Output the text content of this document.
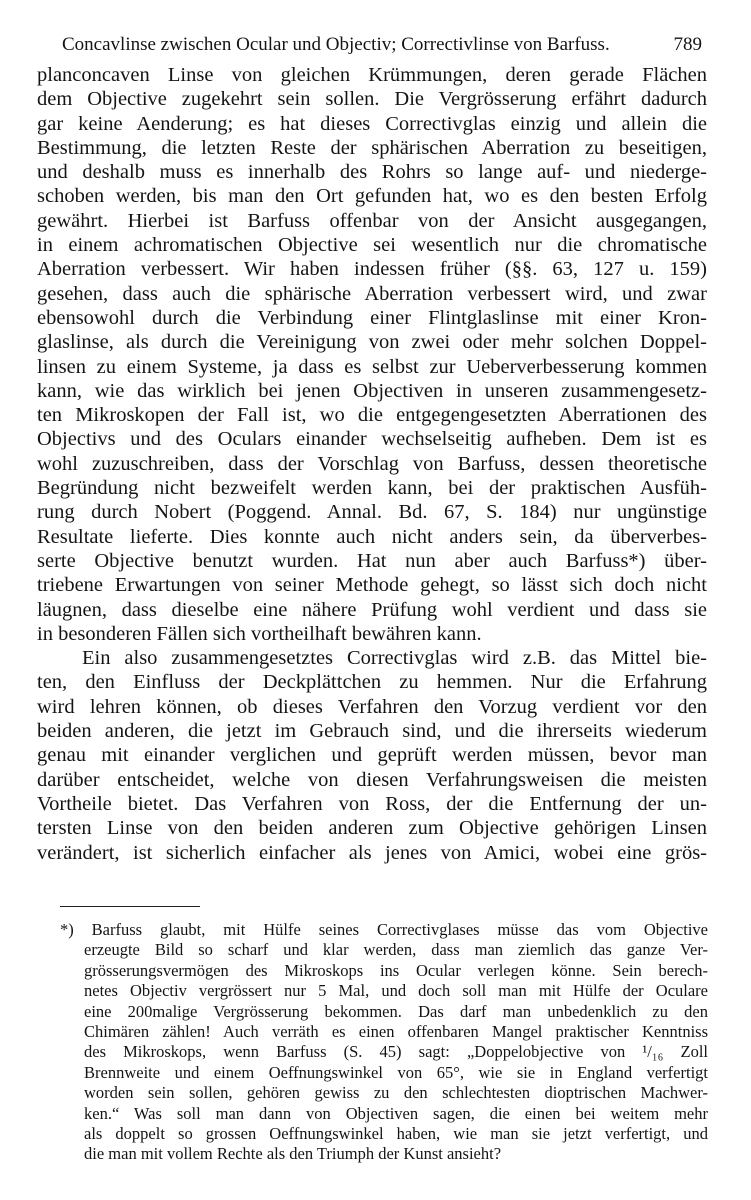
Concavlinse zwischen Ocular und Objectiv; Correctivlinse von Barfuss.	789
planconcaven Linse von gleichen Krümmungen, deren gerade Flächen
dem Objective zugekehrt sein sollen. Die Vergrösserung erfährt dadurch
gar keine Aenderung; es hat dieses Correctivglas einzig und allein die
Bestimmung, die letzten Reste der sphärischen Aberration zu beseitigen,
und deshalb muss es innerhalb des Rohrs so lange auf- und niederge-
schoben werden, bis man den Ort gefunden hat, wo es den besten Erfolg
gewährt. Hierbei ist Barfuss offenbar von der Ansicht ausgegangen,
in einem achromatischen Objective sei wesentlich nur die chromatische
Aberration verbessert. Wir haben indessen früher (§§. 63, 127 u. 159)
gesehen, dass auch die sphärische Aberration verbessert wird, und zwar
ebensowohl durch die Verbindung einer Flintglaslinse mit einer Kron-
glaslinse, als durch die Vereinigung von zwei oder mehr solchen Doppel-
linsen zu einem Systeme, ja dass es selbst zur Ueberverbesserung kommen
kann, wie das wirklich bei jenen Objectiven in unseren zusammengesetz-
ten Mikroskopen der Fall ist, wo die entgegengesetzten Aberrationen des
Objectivs und des Oculars einander wechselseitig aufheben. Dem ist es
wohl zuzuschreiben, dass der Vorschlag von Barfuss, dessen theoretische
Begründung nicht bezweifelt werden kann, bei der praktischen Ausfüh-
rung durch Nobert (Poggend. Annal. Bd. 67, S. 184) nur ungünstige
Resultate lieferte. Dies konnte auch nicht anders sein, da überverbes-
serte Objective benutzt wurden. Hat nun aber auch Barfuss*) über-
triebene Erwartungen von seiner Methode gehegt, so lässt sich doch nicht
läugnen, dass dieselbe eine nähere Prüfung wohl verdient und dass sie
in besonderen Fällen sich vortheilhaft bewähren kann.
Ein also zusammengesetztes Correctivglas wird z.B. das Mittel bie-
ten, den Einfluss der Deckplättchen zu hemmen. Nur die Erfahrung
wird lehren können, ob dieses Verfahren den Vorzug verdient vor den
beiden anderen, die jetzt im Gebrauch sind, und die ihrerseits wiederum
genau mit einander verglichen und geprüft werden müssen, bevor man
darüber entscheidet, welche von diesen Verfahrungsweisen die meisten
Vortheile bietet. Das Verfahren von Ross, der die Entfernung der un-
tersten Linse von den beiden anderen zum Objective gehörigen Linsen
verändert, ist sicherlich einfacher als jenes von Amici, wobei eine grös-
*) Barfuss glaubt, mit Hülfe seines Correctivglases müsse das vom Objective
erzeugte Bild so scharf und klar werden, dass man ziemlich das ganze Ver-
grösserungsvermögen des Mikroskops ins Ocular verlegen könne. Sein berech-
netes Objectiv vergrössert nur 5 Mal, und doch soll man mit Hülfe der Oculare
eine 200malige Vergrösserung bekommen. Das darf man unbedenklich zu den
Chimären zählen! Auch verräth es einen offenbaren Mangel praktischer Kenntniss
des Mikroskops, wenn Barfuss (S. 45) sagt: „Doppelobjective von ¹/₁₆ Zoll
Brennweite und einem Oeffnungswinkel von 65°, wie sie in England verfertigt
worden sein sollen, gehören gewiss zu den schlechtesten dioptrischen Machwer-
ken.“ Was soll man dann von Objectiven sagen, die einen bei weitem mehr
als doppelt so grossen Oeffnungswinkel haben, wie man sie jetzt verfertigt, und
die man mit vollem Rechte als den Triumph der Kunst ansieht?
